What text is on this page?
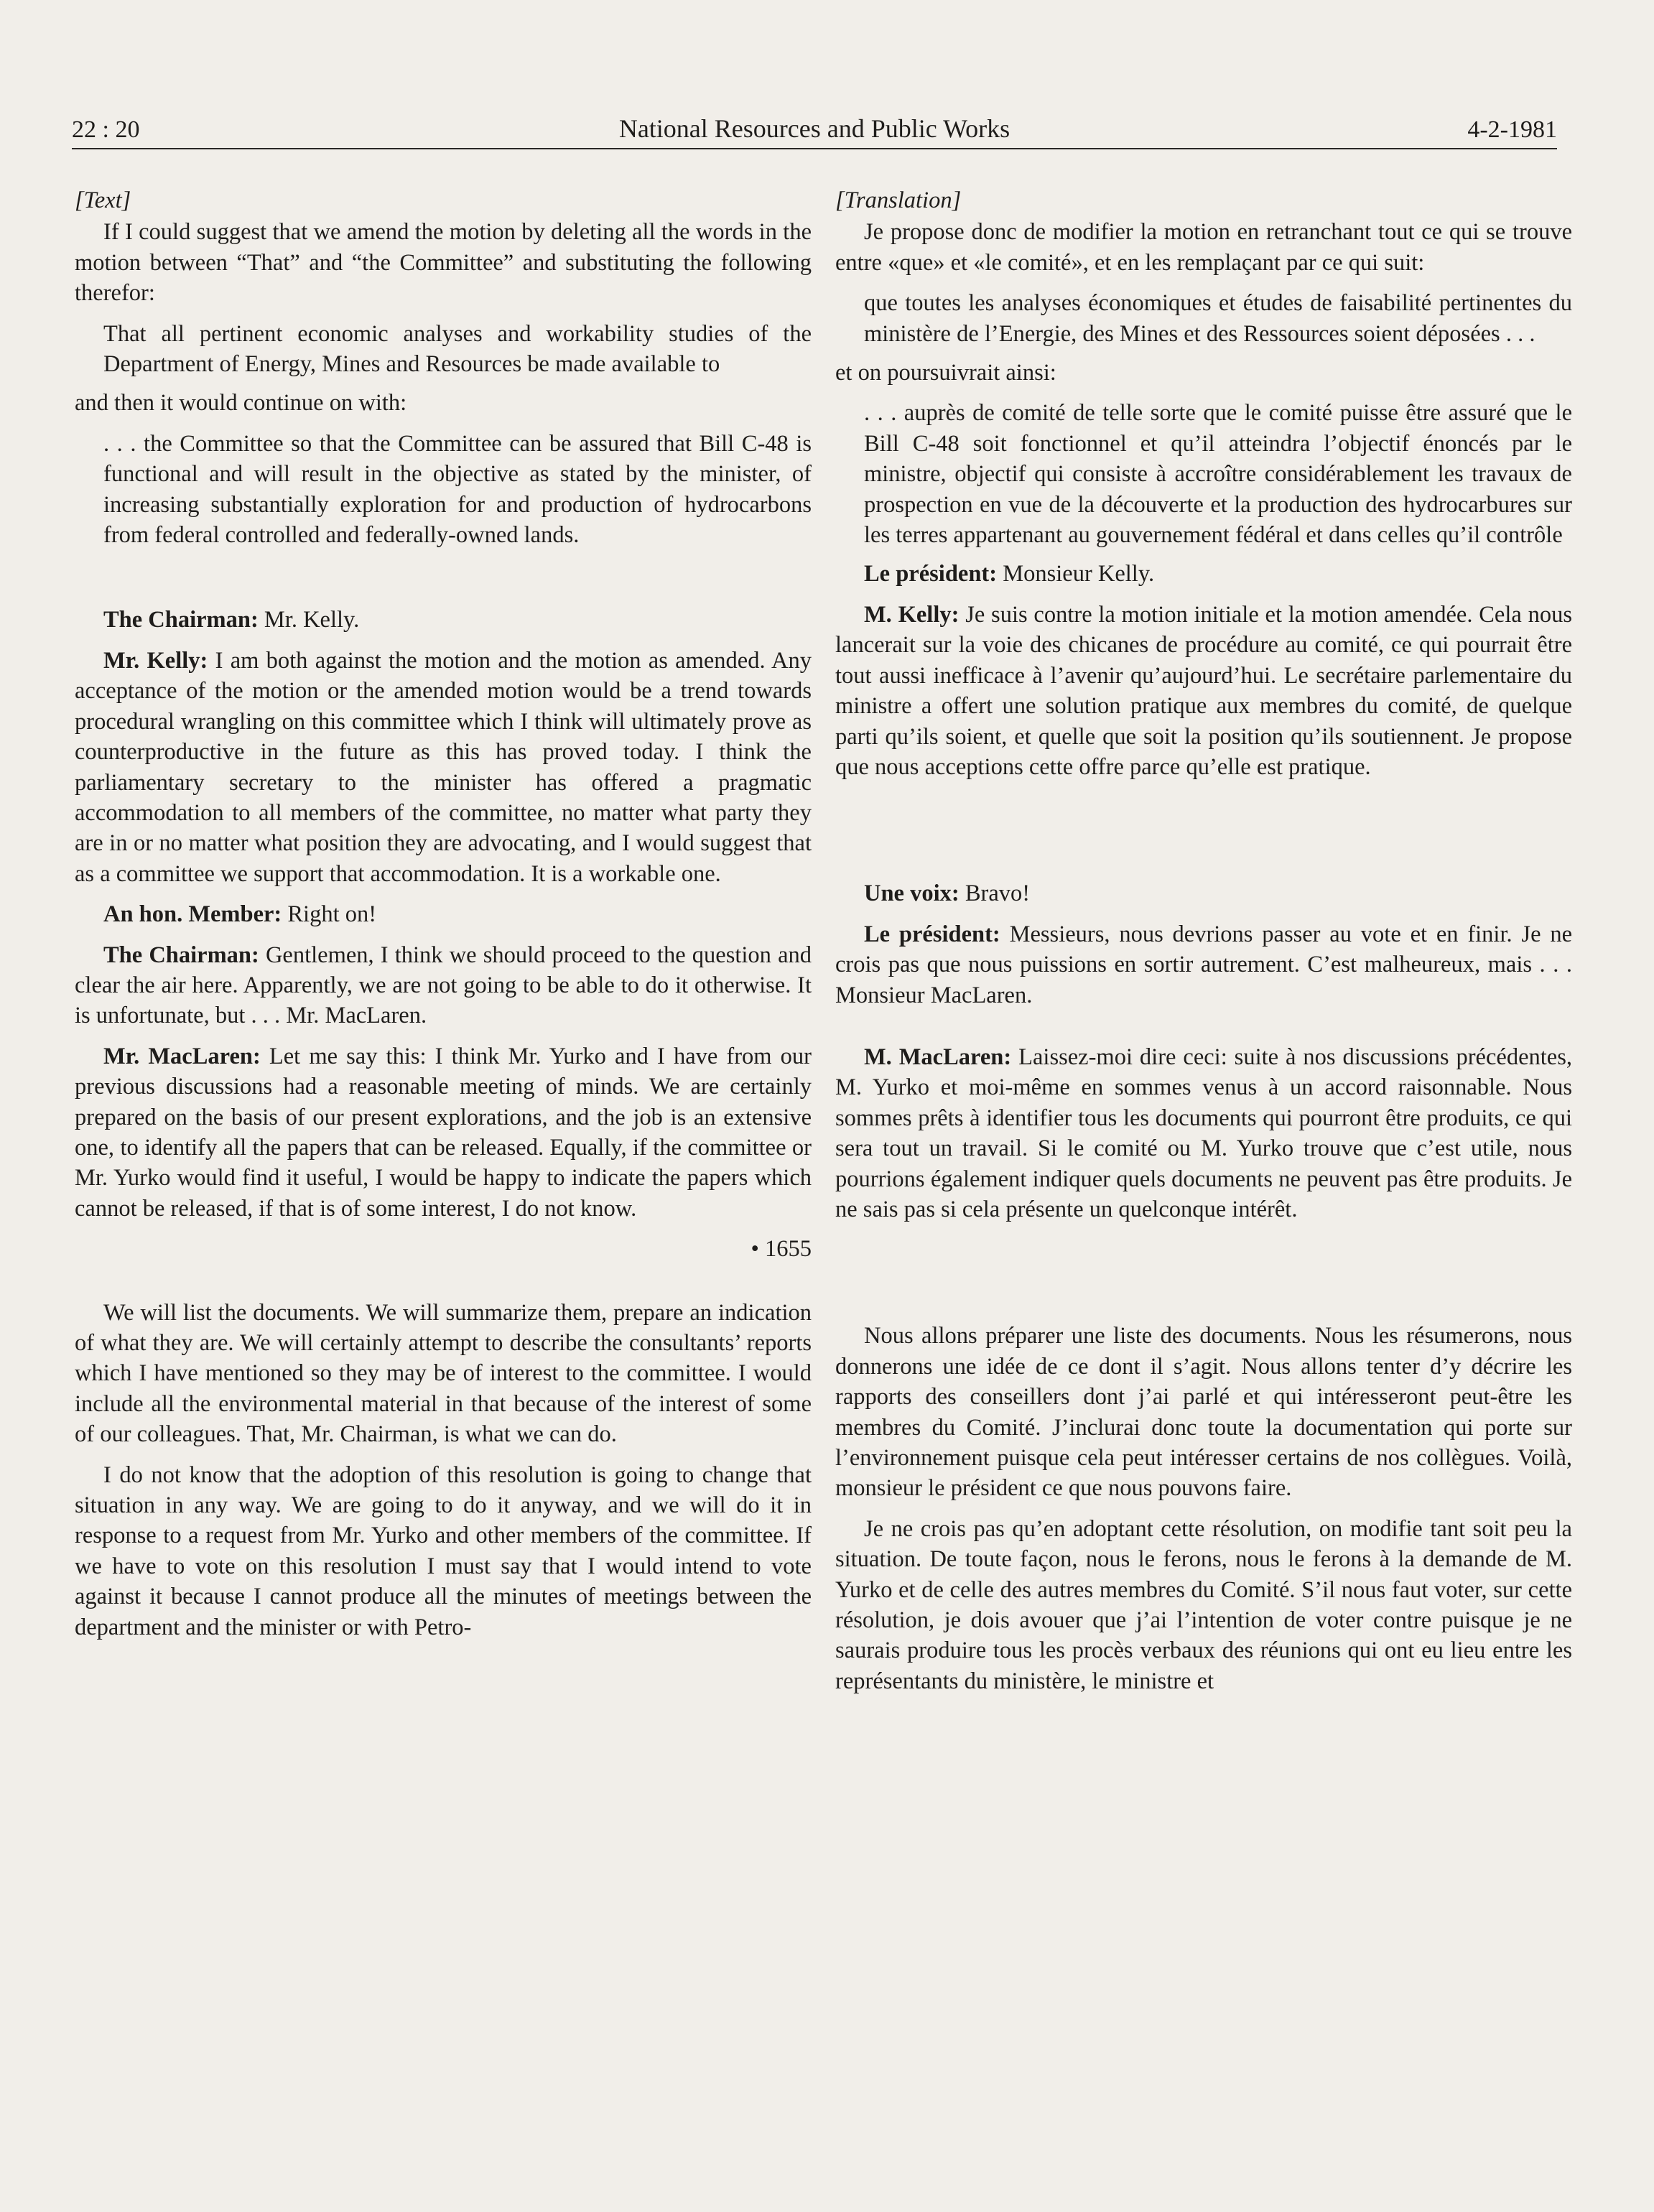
22 : 20	National Resources and Public Works	4-2-1981
[Text]

If I could suggest that we amend the motion by deleting all the words in the motion between “That” and “the Committee” and substituting the following therefor:

That all pertinent economic analyses and workability studies of the Department of Energy, Mines and Resources be made available to

and then it would continue on with:

. . . the Committee so that the Committee can be assured that Bill C-48 is functional and will result in the objective as stated by the minister, of increasing substantially exploration for and production of hydrocarbons from federal controlled and federally-owned lands.

The Chairman: Mr. Kelly.

Mr. Kelly: I am both against the motion and the motion as amended. Any acceptance of the motion or the amended motion would be a trend towards procedural wrangling on this committee which I think will ultimately prove as counterproductive in the future as this has proved today. I think the parliamentary secretary to the minister has offered a pragmatic accommodation to all members of the committee, no matter what party they are in or no matter what position they are advocating, and I would suggest that as a committee we support that accommodation. It is a workable one.

An hon. Member: Right on!

The Chairman: Gentlemen, I think we should proceed to the question and clear the air here. Apparently, we are not going to be able to do it otherwise. It is unfortunate, but . . . Mr. MacLaren.

Mr. MacLaren: Let me say this: I think Mr. Yurko and I have from our previous discussions had a reasonable meeting of minds. We are certainly prepared on the basis of our present explorations, and the job is an extensive one, to identify all the papers that can be released. Equally, if the committee or Mr. Yurko would find it useful, I would be happy to indicate the papers which cannot be released, if that is of some interest, I do not know.

• 1655

We will list the documents. We will summarize them, prepare an indication of what they are. We will certainly attempt to describe the consultants’ reports which I have mentioned so they may be of interest to the committee. I would include all the environmental material in that because of the interest of some of our colleagues. That, Mr. Chairman, is what we can do.

I do not know that the adoption of this resolution is going to change that situation in any way. We are going to do it anyway, and we will do it in response to a request from Mr. Yurko and other members of the committee. If we have to vote on this resolution I must say that I would intend to vote against it because I cannot produce all the minutes of meetings between the department and the minister or with Petro-

[Translation]

Je propose donc de modifier la motion en retranchant tout ce qui se trouve entre «que» et «le comité», et en les remplaçant par ce qui suit:

que toutes les analyses économiques et études de faisabilité pertinentes du ministère de l’Energie, des Mines et des Ressources soient déposées . . .

et on poursuivrait ainsi:

. . . auprès de comité de telle sorte que le comité puisse être assuré que le Bill C-48 soit fonctionnel et qu’il atteindra l’objectif énoncés par le ministre, objectif qui consiste à accroître considérablement les travaux de prospection en vue de la découverte et la production des hydrocarbures sur les terres appartenant au gouvernement fédéral et dans celles qu’il contrôle

Le président: Monsieur Kelly.

M. Kelly: Je suis contre la motion initiale et la motion amendée. Cela nous lancerait sur la voie des chicanes de procédure au comité, ce qui pourrait être tout aussi inefficace à l’avenir qu’aujourd’hui. Le secrétaire parlementaire du ministre a offert une solution pratique aux membres du comité, de quelque parti qu’ils soient, et quelle que soit la position qu’ils soutiennent. Je propose que nous acceptions cette offre parce qu’elle est pratique.

Une voix: Bravo!

Le président: Messieurs, nous devrions passer au vote et en finir. Je ne crois pas que nous puissions en sortir autrement. C’est malheureux, mais . . . Monsieur MacLaren.

M. MacLaren: Laissez-moi dire ceci: suite à nos discussions précédentes, M. Yurko et moi-même en sommes venus à un accord raisonnable. Nous sommes prêts à identifier tous les documents qui pourront être produits, ce qui sera tout un travail. Si le comité ou M. Yurko trouve que c’est utile, nous pourrions également indiquer quels documents ne peuvent pas être produits. Je ne sais pas si cela présente un quelconque intérêt.

Nous allons préparer une liste des documents. Nous les résumerons, nous donnerons une idée de ce dont il s’agit. Nous allons tenter d’y décrire les rapports des conseillers dont j’ai parlé et qui intéresseront peut-être les membres du Comité. J’inclurai donc toute la documentation qui porte sur l’environnement puisque cela peut intéresser certains de nos collègues. Voilà, monsieur le président ce que nous pouvons faire.

Je ne crois pas qu’en adoptant cette résolution, on modifie tant soit peu la situation. De toute façon, nous le ferons, nous le ferons à la demande de M. Yurko et de celle des autres membres du Comité. S’il nous faut voter, sur cette résolution, je dois avouer que j’ai l’intention de voter contre puisque je ne saurais produire tous les procès verbaux des réunions qui ont eu lieu entre les représentants du ministère, le ministre et
